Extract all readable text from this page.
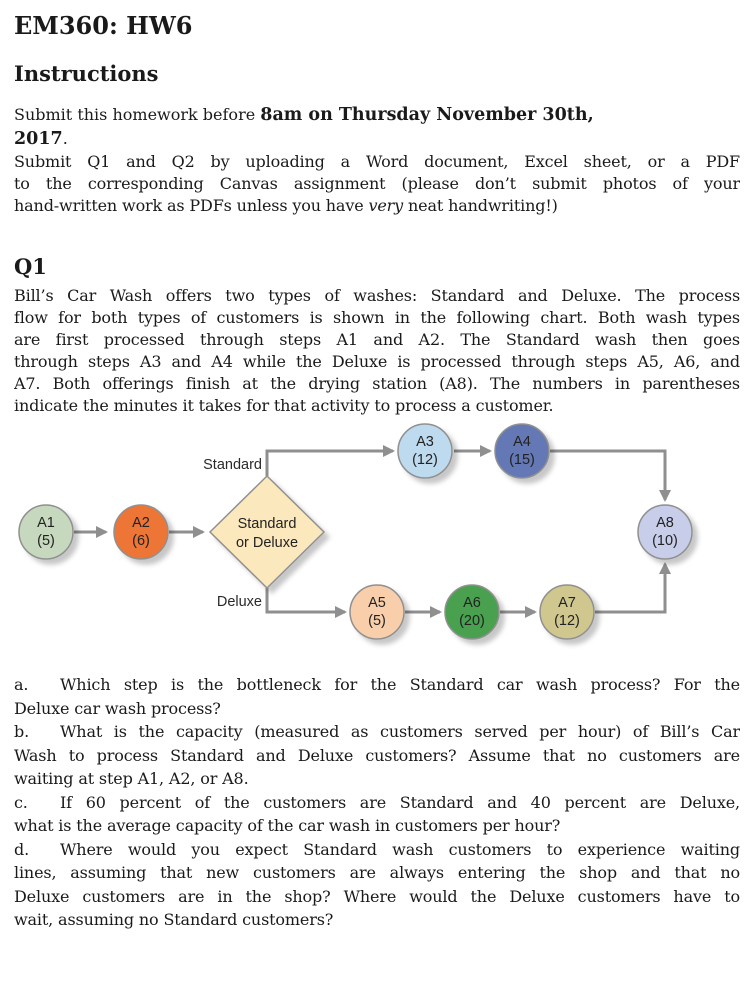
EM360: HW6
Instructions
Submit this homework before 8am on Thursday November 30th,
2017.
Submit Q1 and Q2 by uploading a Word document, Excel sheet, or a PDF
to the corresponding Canvas assignment (please don’t submit photos of your
hand-written work as PDFs unless you have very neat handwriting!)
Q1
Bill’s Car Wash offers two types of washes: Standard and Deluxe. The process
flow for both types of customers is shown in the following chart. Both wash types
are first processed through steps A1 and A2. The Standard wash then goes
through steps A3 and A4 while the Deluxe is processed through steps A5, A6, and
A7. Both offerings finish at the drying station (A8). The numbers in parentheses
indicate the minutes it takes for that activity to process a customer.
Standard
or Deluxe
Standard
Deluxe
A1
(5)
A2
(6)
A3
(12)
A4
(15)
A5
(5)
A6
(20)
A7
(12)
A8
(10)
a.	Which step is the bottleneck for the Standard car wash process? For the
Deluxe car wash process?
b.	What is the capacity (measured as customers served per hour) of Bill’s Car
Wash to process Standard and Deluxe customers? Assume that no customers are
waiting at step A1, A2, or A8.
c.	If 60 percent of the customers are Standard and 40 percent are Deluxe,
what is the average capacity of the car wash in customers per hour?
d.	Where would you expect Standard wash customers to experience waiting
lines, assuming that new customers are always entering the shop and that no
Deluxe customers are in the shop? Where would the Deluxe customers have to
wait, assuming no Standard customers?
